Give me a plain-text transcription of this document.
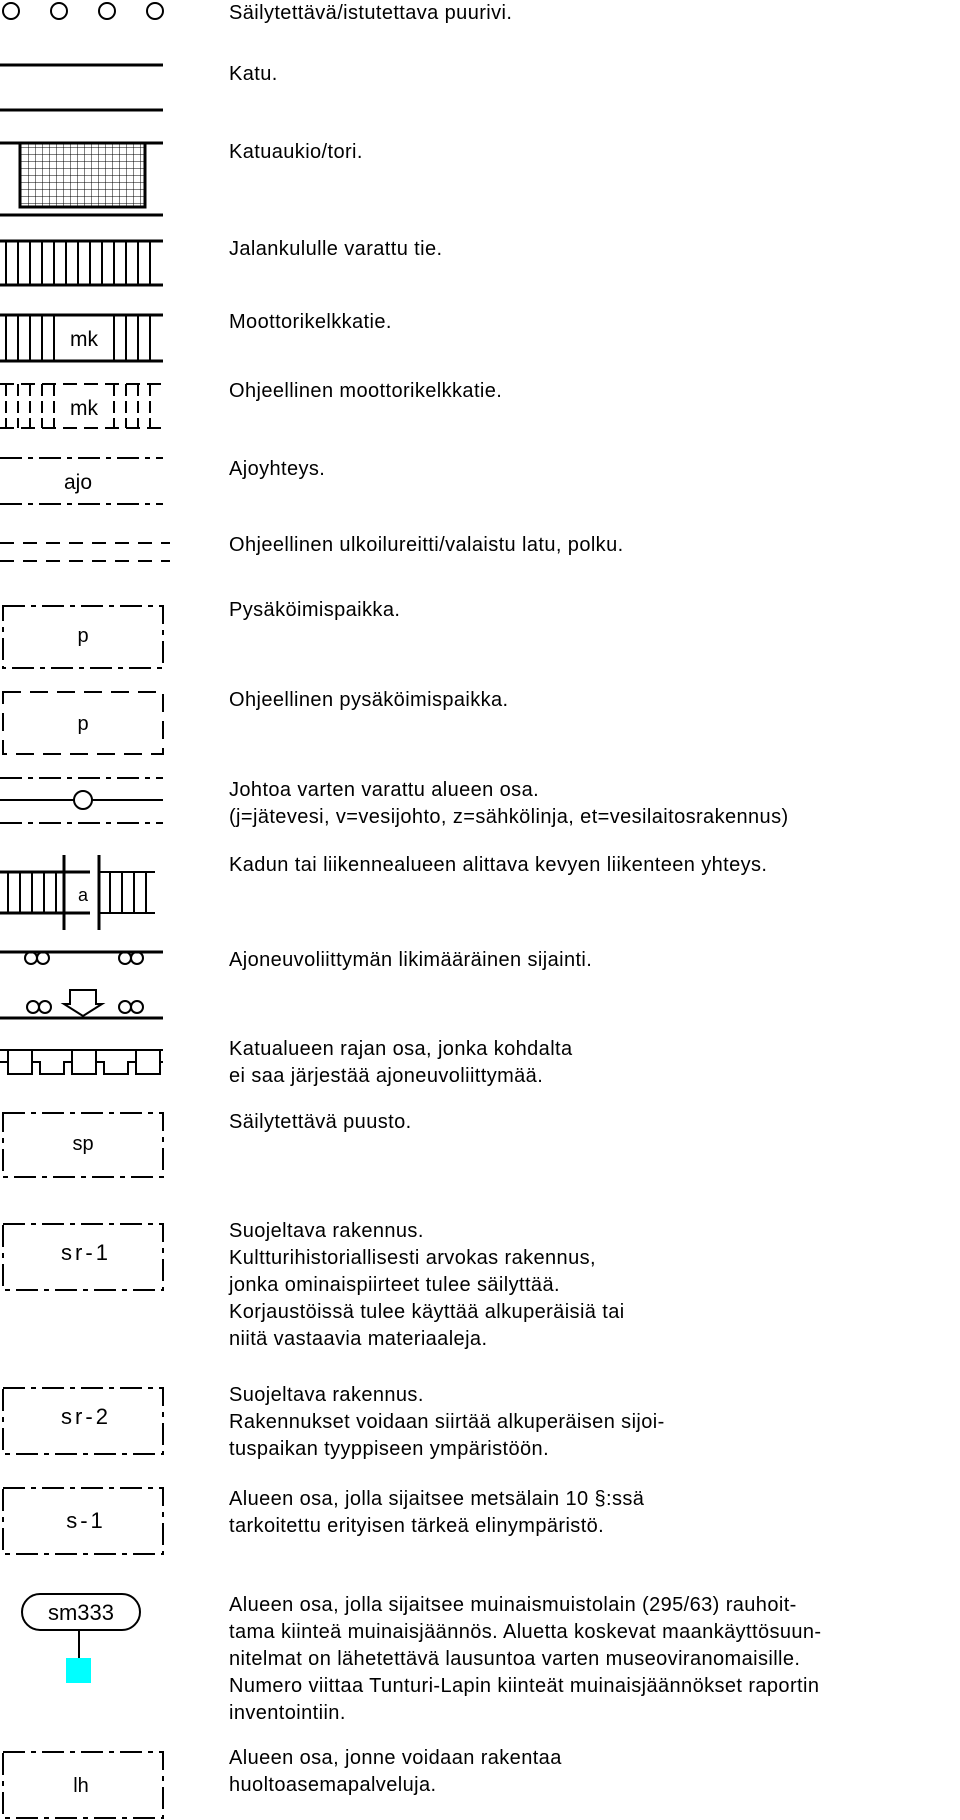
mk
mk
ajo
p
p
a
sp
sr-1
sr-2
s-1
sm333
lh
Säilytettävä/istutettava puurivi.
Katu.
Katuaukio/tori.
Jalankululle varattu tie.
Moottorikelkkatie.
Ohjeellinen moottorikelkkatie.
Ajoyhteys.
Ohjeellinen ulkoilureitti/valaistu latu, polku.
Pysäköimispaikka.
Ohjeellinen pysäköimispaikka.
Johtoa varten varattu alueen osa.
(j=jätevesi, v=vesijohto, z=sähkölinja, et=vesilaitosrakennus)
Kadun tai liikennealueen alittava kevyen liikenteen yhteys.
Ajoneuvoliittymän likimääräinen sijainti.
Katualueen rajan osa, jonka kohdalta
ei saa järjestää ajoneuvoliittymää.
Säilytettävä puusto.
Suojeltava rakennus.
Kultturihistoriallisesti arvokas rakennus,
jonka ominaispiirteet tulee säilyttää.
Korjaustöissä tulee käyttää alkuperäisiä tai
niitä vastaavia materiaaleja.
Suojeltava rakennus.
Rakennukset voidaan siirtää alkuperäisen sijoi-
tuspaikan tyyppiseen ympäristöön.
Alueen osa, jolla sijaitsee metsälain 10 §:ssä
tarkoitettu erityisen tärkeä elinympäristö.
Alueen osa, jolla sijaitsee muinaismuistolain (295/63) rauhoit-
tama kiinteä muinaisjäännös. Aluetta koskevat maankäyttösuun-
nitelmat on lähetettävä lausuntoa varten museoviranomaisille.
Numero viittaa Tunturi-Lapin kiinteät muinaisjäännökset raportin
inventointiin.
Alueen osa, jonne voidaan rakentaa
huoltoasemapalveluja.
